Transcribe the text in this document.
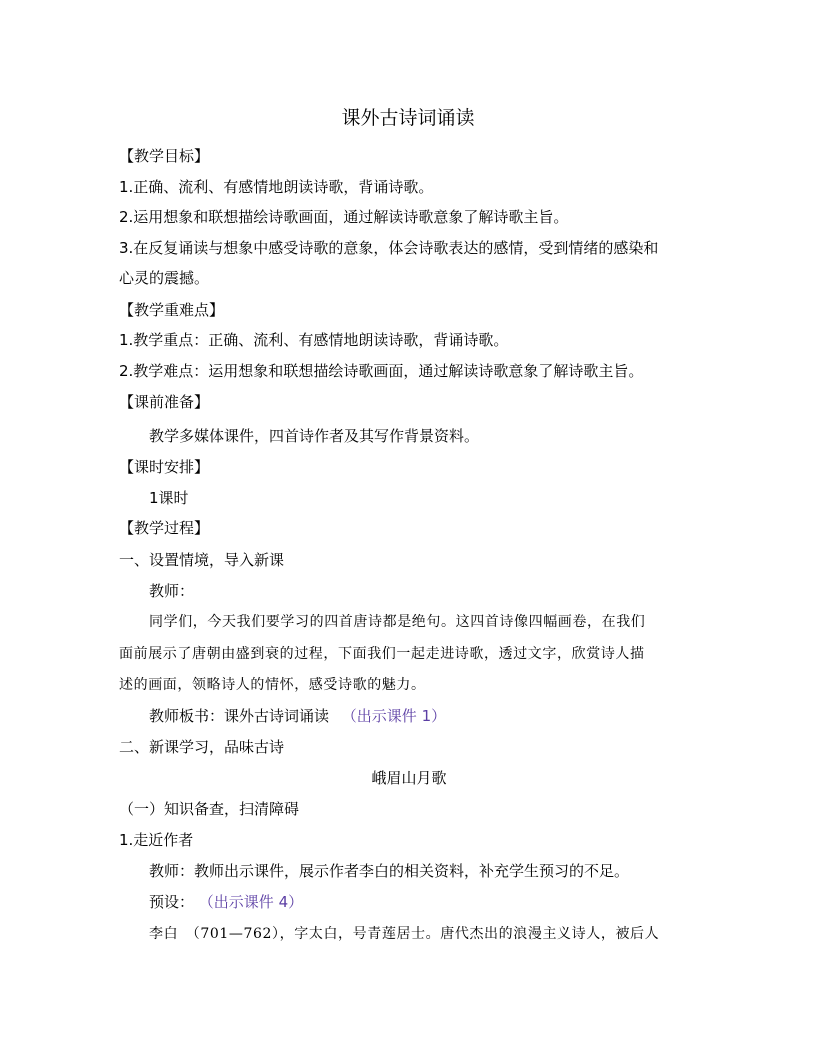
课外古诗词诵读
【教学目标】
1.正确、流利、有感情地朗读诗歌，背诵诗歌。
2.运用想象和联想描绘诗歌画面，通过解读诗歌意象了解诗歌主旨。
3.在反复诵读与想象中感受诗歌的意象，体会诗歌表达的感情，受到情绪的感染和
心灵的震撼。
【教学重难点】
1.教学重点：正确、流利、有感情地朗读诗歌，背诵诗歌。
2.教学难点：运用想象和联想描绘诗歌画面，通过解读诗歌意象了解诗歌主旨。
【课前准备】
教学多媒体课件，四首诗作者及其写作背景资料。
【课时安排】
1课时
【教学过程】
一、设置情境，导入新课
教师：
同学们，今天我们要学习的四首唐诗都是绝句。这四首诗像四幅画卷，在我们
面前展示了唐朝由盛到衰的过程，下面我们一起走进诗歌，透过文字，欣赏诗人描
述的画面，领略诗人的情怀，感受诗歌的魅力。
教师板书：课外古诗词诵读 （出示课件 1）
二、新课学习，品味古诗
峨眉山月歌
（一）知识备查，扫清障碍
1.走近作者
教师：教师出示课件，展示作者李白的相关资料，补充学生预习的不足。
预设： （出示课件 4）
李白　（701—762），字太白，号青莲居士。唐代杰出的浪漫主义诗人，被后人
